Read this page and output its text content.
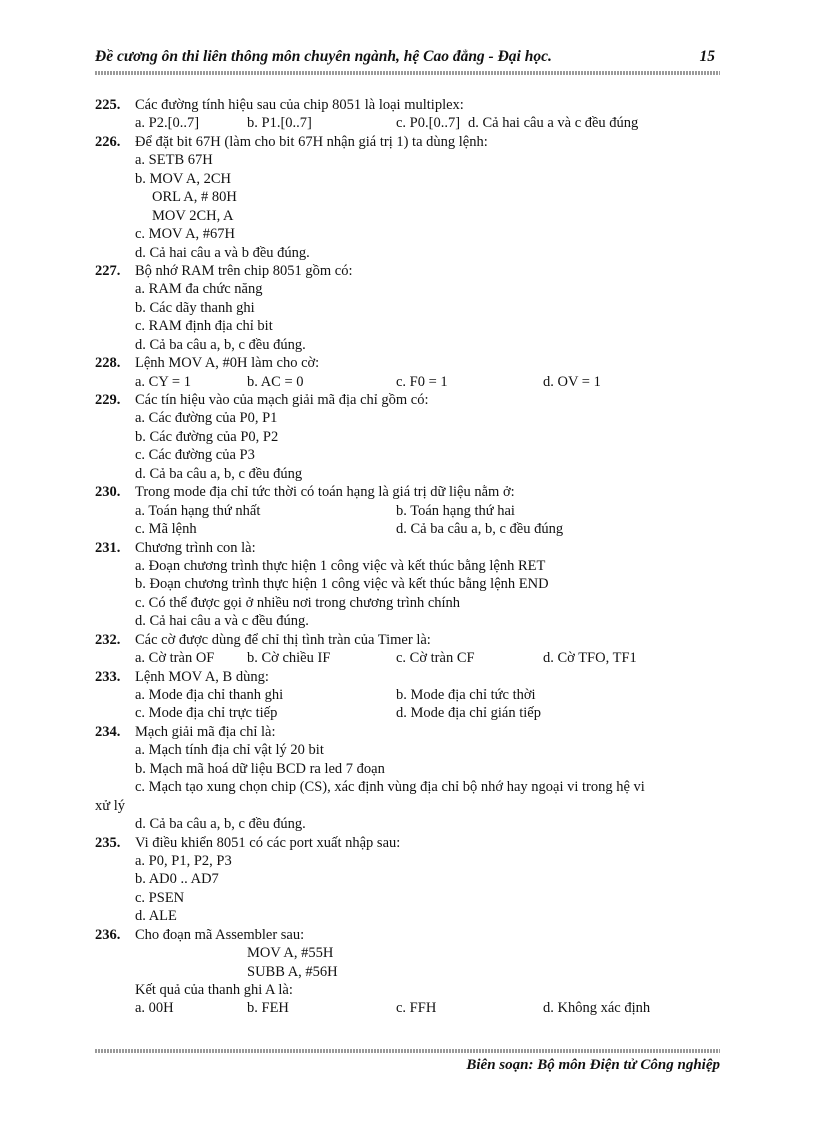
Đề cương ôn thi liên thông môn chuyên ngành, hệ Cao đẳng - Đại học.	15
225. Các đường tính hiệu sau của chip 8051 là loại multiplex:
a. P2.[0..7]	b. P1.[0..7]	c. P0.[0..7] d. Cả hai câu a và c đều đúng
226. Để đặt bit 67H (làm cho bit 67H nhận giá trị 1) ta dùng lệnh:
a. SETB 67H
b. MOV A, 2CH
ORL A, # 80H
MOV 2CH, A
c. MOV A, #67H
d. Cả hai câu a và b đều đúng.
227. Bộ nhớ RAM trên chip 8051 gồm có:
a. RAM đa chức năng
b. Các dãy thanh ghi
c. RAM định địa chỉ bit
d. Cả ba câu a, b, c đều đúng.
228. Lệnh MOV A, #0H làm cho cờ:
a. CY = 1	b. AC = 0	c. F0 = 1	d. OV = 1
229. Các tín hiệu vào của mạch giải mã địa chỉ gồm có:
a. Các đường của P0, P1
b. Các đường của P0, P2
c. Các đường của P3
d. Cả ba câu a, b, c đều đúng
230. Trong mode địa chỉ tức thời có toán hạng là giá trị dữ liệu nằm ở:
a. Toán hạng thứ nhất	b. Toán hạng thứ hai
c. Mã lệnh	d. Cả ba câu a, b, c đều đúng
231. Chương trình con là:
a. Đoạn chương trình thực hiện 1 công việc và kết thúc bằng lệnh RET
b. Đoạn chương trình thực hiện 1 công việc và kết thúc bằng lệnh END
c. Có thể được gọi ở nhiều nơi trong chương trình chính
d. Cả hai câu a và c đều đúng.
232. Các cờ được dùng để chỉ thị tình tràn của Timer là:
a. Cờ tràn OF b. Cờ chiều IF	c. Cờ tràn CF	d. Cờ TFO, TF1
233. Lệnh MOV A, B dùng:
a. Mode địa chỉ thanh ghi	b. Mode địa chỉ tức thời
c. Mode địa chỉ trực tiếp	d. Mode địa chỉ gián tiếp
234. Mạch giải mã địa chỉ là:
a. Mạch tính địa chỉ vật lý 20 bit
b. Mạch mã hoá dữ liệu BCD ra led 7 đoạn
c. Mạch tạo xung chọn chip (CS), xác định vùng địa chỉ bộ nhớ hay ngoại vi trong hệ vi
xử lý
d. Cả ba câu a, b, c đều đúng.
235. Vi điều khiển 8051 có các port xuất nhập sau:
a. P0, P1, P2, P3
b. AD0 .. AD7
c. PSEN
d. ALE
236. Cho đoạn mã Assembler sau:
MOV A, #55H
SUBB A, #56H
Kết quả của thanh ghi A là:
a. 00H	b. FEH	c. FFH	d. Không xác định
Biên soạn: Bộ môn Điện tử Công nghiệp
